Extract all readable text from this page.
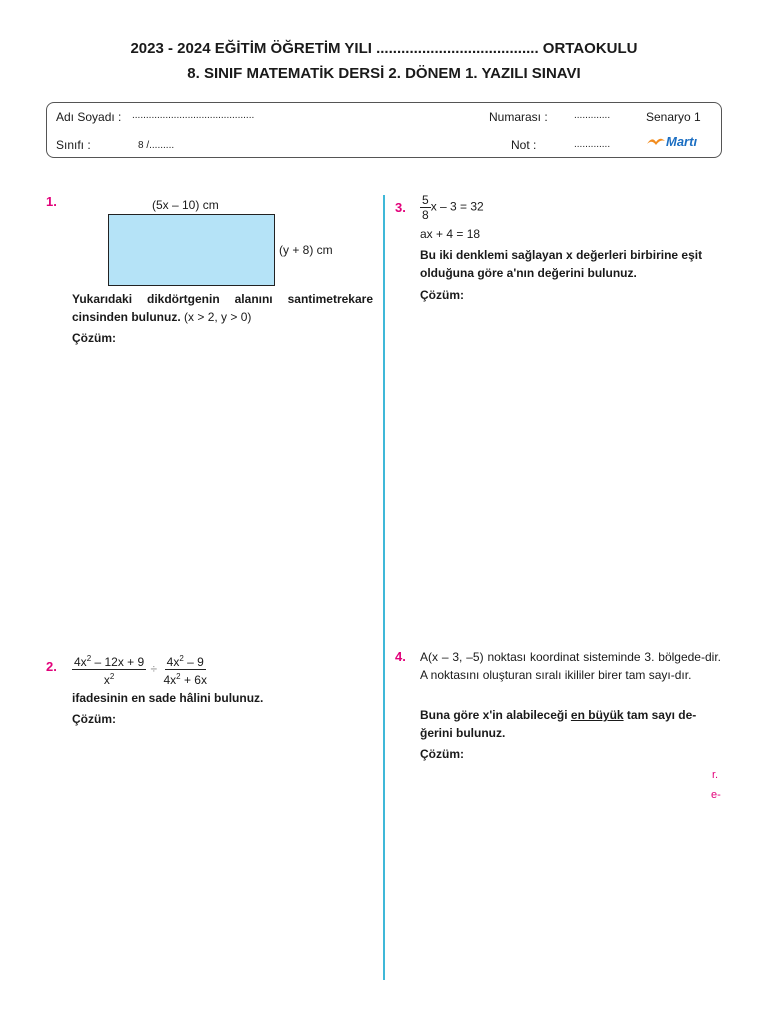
2023 - 2024 EĞİTİM ÖĞRETİM YILI ....................................... ORTAOKULU
8. SINIF MATEMATİK DERSİ 2. DÖNEM 1. YAZILI SINAVI
Adı Soyadı : ............................................
Sınıfı :	8 /.........
Numarası :	.............
Not :	.............
Senaryo 1
Martı
1.	(5x – 10) cm
(y + 8) cm
Yukarıdaki dikdörtgenin alanını santimetrekare cinsinden bulunuz. (x > 2, y > 0)
Çözüm:
2. $\frac{4x^2 - 12x + 9}{x^2} \div \frac{4x^2 - 9}{4x^2 + 6x}$
ifadesinin en sade hâlini bulunuz.
Çözüm:
3. $\frac{5}{8}$ x – 3 = 32
ax + 4 = 18
Bu iki denklemi sağlayan x değerleri birbirine eşit olduğuna göre a'nın değerini bulunuz.
Çözüm:
4. A(x – 3, –5) noktası koordinat sisteminde 3. bölgede-dir. A noktasını oluşturan sıralı ikililer birer tam sayı-dır.
Buna göre x'in alabileceği en büyük tam sayı de-ğerini bulunuz.
Çözüm:
r.
e-
